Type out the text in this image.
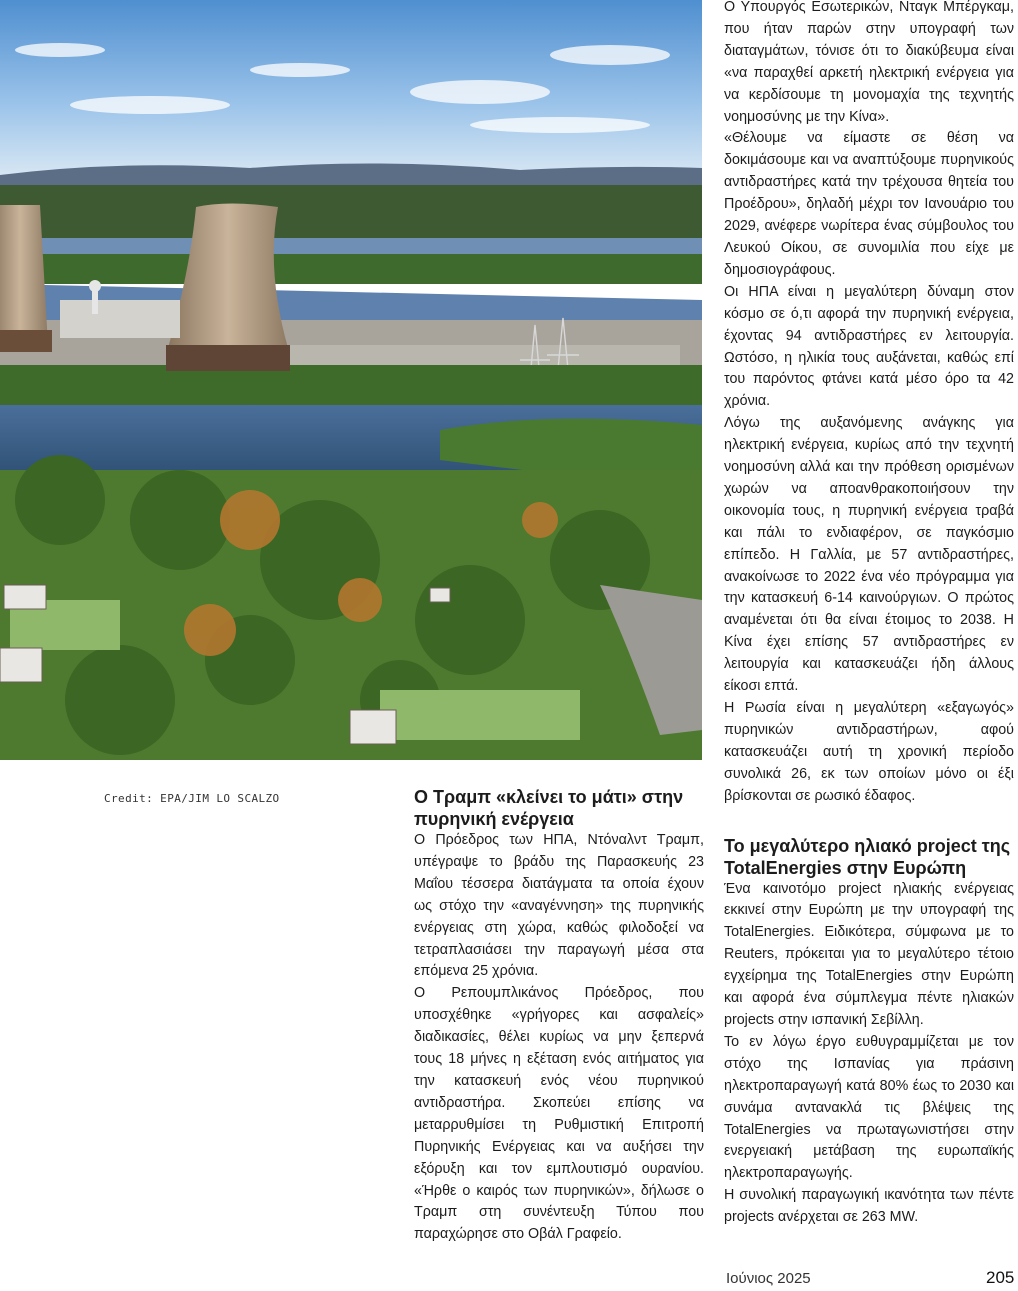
Credit: EPA/JIM LO SCALZO	Ο Τραμπ «κλείνει το μάτι» στην πυρηνική ενέργεια

Ο Πρόεδρος των ΗΠΑ, Ντόναλντ Τραμπ, υπέγραψε το βράδυ της Παρασκευής 23 Μαΐου τέσσερα διατάγματα τα οποία έχουν ως στόχο την «αναγέννηση» της πυρηνικής ενέργειας στη χώρα, καθώς φιλοδοξεί να τετραπλασιάσει την παραγωγή μέσα στα επόμενα 25 χρόνια.

Ο Ρεπουμπλικάνος Πρόεδρος, που υποσχέθηκε «γρήγορες και ασφαλείς» διαδικασίες, θέλει κυρίως να μην ξεπερνά τους 18 μήνες η εξέταση ενός αιτήματος για την κατασκευή ενός νέου πυρηνικού αντιδραστήρα. Σκοπεύει επίσης να μεταρρυθμίσει τη Ρυθμιστική Επιτροπή Πυρηνικής Ενέργειας και να αυξήσει την εξόρυξη και τον εμπλουτισμό ουρανίου. «Ήρθε ο καιρός των πυρηνικών», δήλωσε ο Τραμπ στη συνέντευξη Τύπου που παραχώρησε στο Οβάλ Γραφείο.

Ο Υπουργός Εσωτερικών, Νταγκ Μπέργκαμ, που ήταν παρών στην υπογραφή των διαταγμάτων, τόνισε ότι το διακύβευμα είναι «να παραχθεί αρκετή ηλεκτρική ενέργεια για να κερδίσουμε τη μονομαχία της τεχνητής νοημοσύνης με την Κίνα».

«Θέλουμε να είμαστε σε θέση να δοκιμάσουμε και να αναπτύξουμε πυρηνικούς αντιδραστήρες κατά την τρέχουσα θητεία του Προέδρου», δηλαδή μέχρι τον Ιανουάριο του 2029, ανέφερε νωρίτερα ένας σύμβουλος του Λευκού Οίκου, σε συνομιλία που είχε με δημοσιογράφους.

Οι ΗΠΑ είναι η μεγαλύτερη δύναμη στον κόσμο σε ό,τι αφορά την πυρηνική ενέργεια, έχοντας 94 αντιδραστήρες εν λειτουργία. Ωστόσο, η ηλικία τους αυξάνεται, καθώς επί του παρόντος φτάνει κατά μέσο όρο τα 42 χρόνια.

Λόγω της αυξανόμενης ανάγκης για ηλεκτρική ενέργεια, κυρίως από την τεχνητή νοημοσύνη αλλά και την πρόθεση ορισμένων χωρών να αποανθρακοποιήσουν την οικονομία τους, η πυρηνική ενέργεια τραβά και πάλι το ενδιαφέρον, σε παγκόσμιο επίπεδο. Η Γαλλία, με 57 αντιδραστήρες, ανακοίνωσε το 2022 ένα νέο πρόγραμμα για την κατασκευή 6-14 καινούργιων. Ο πρώτος αναμένεται ότι θα είναι έτοιμος το 2038. Η Κίνα έχει επίσης 57 αντιδραστήρες εν λειτουργία και κατασκευάζει ήδη άλλους είκοσι επτά.

Η Ρωσία είναι η μεγαλύτερη «εξαγωγός» πυρηνικών αντιδραστήρων, αφού κατασκευάζει αυτή τη χρονική περίοδο συνολικά 26, εκ των οποίων μόνο οι έξι βρίσκονται σε ρωσικό έδαφος.

Το μεγαλύτερο ηλιακό project της TotalEnergies στην Ευρώπη

Ένα καινοτόμο project ηλιακής ενέργειας εκκινεί στην Ευρώπη με την υπογραφή της TotalEnergies. Ειδικότερα, σύμφωνα με το Reuters, πρόκειται για το μεγαλύτερο τέτοιο εγχείρημα της TotalEnergies στην Ευρώπη και αφορά ένα σύμπλεγμα πέντε ηλιακών projects στην ισπανική Σεβίλλη.

Το εν λόγω έργο ευθυγραμμίζεται με τον στόχο της Ισπανίας για πράσινη ηλεκτροπαραγωγή κατά 80% έως το 2030 και συνάμα αντανακλά τις βλέψεις της TotalEnergies να πρωταγωνιστήσει στην ενεργειακή μετάβαση της ευρωπαϊκής ηλεκτροπαραγωγής.

Η συνολική παραγωγική ικανότητα των πέντε projects ανέρχεται σε 263 MW.

Ιούνιος 2025	205
